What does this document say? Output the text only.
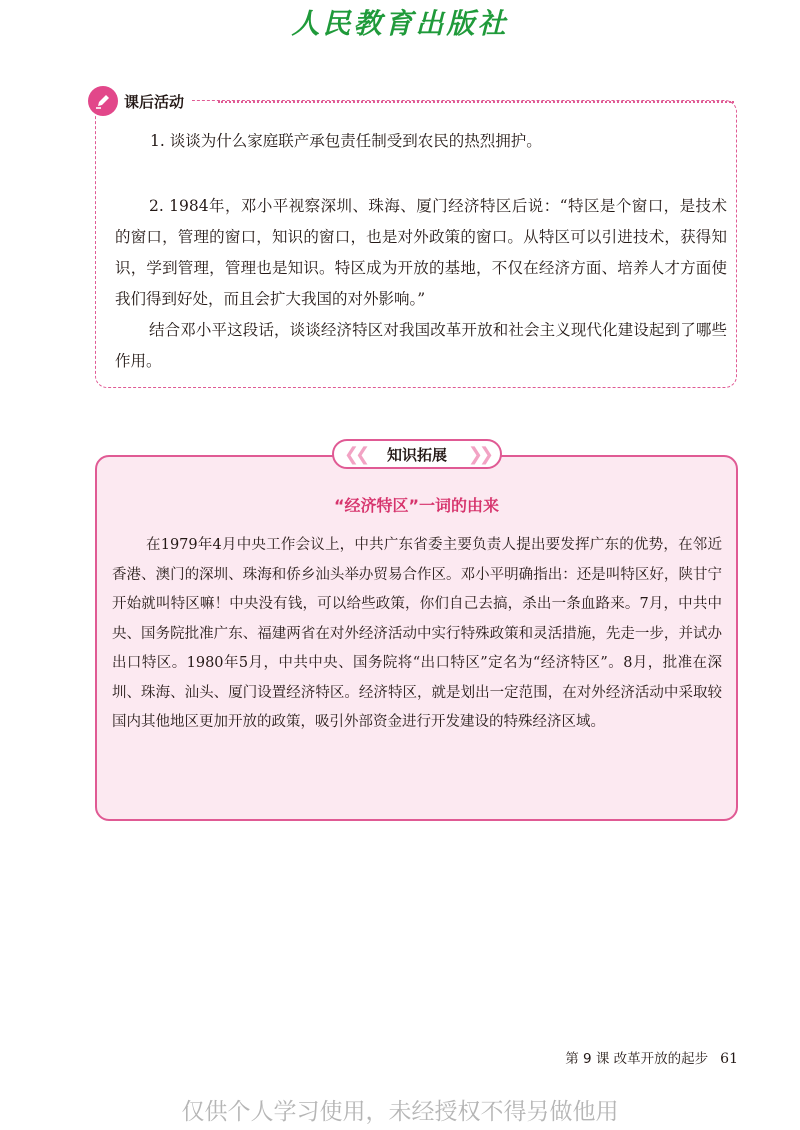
人民教育出版社
课后活动

1. 谈谈为什么家庭联产承包责任制受到农民的热烈拥护。

2. 1984年，邓小平视察深圳、珠海、厦门经济特区后说：“特区是个窗口，是技术的窗口，管理的窗口，知识的窗口，也是对外政策的窗口。从特区可以引进技术，获得知识，学到管理，管理也是知识。特区成为开放的基地，不仅在经济方面、培养人才方面使我们得到好处，而且会扩大我国的对外影响。”

结合邓小平这段话，谈谈经济特区对我国改革开放和社会主义现代化建设起到了哪些作用。

❮❮ 知识拓展 ❯❯
“经济特区”一词的由来

在1979年4月中央工作会议上，中共广东省委主要负责人提出要发挥广东的优势，在邻近香港、澳门的深圳、珠海和侨乡汕头举办贸易合作区。邓小平明确指出：还是叫特区好，陕甘宁开始就叫特区嘛！中央没有钱，可以给些政策，你们自己去搞，杀出一条血路来。7月，中共中央、国务院批准广东、福建两省在对外经济活动中实行特殊政策和灵活措施，先走一步，并试办出口特区。1980年5月，中共中央、国务院将“出口特区”定名为“经济特区”。8月，批准在深圳、珠海、汕头、厦门设置经济特区。经济特区，就是划出一定范围，在对外经济活动中采取较国内其他地区更加开放的政策，吸引外部资金进行开发建设的特殊经济区域。

第 9 课 改革开放的起步 61
仅供个人学习使用，未经授权不得另做他用
